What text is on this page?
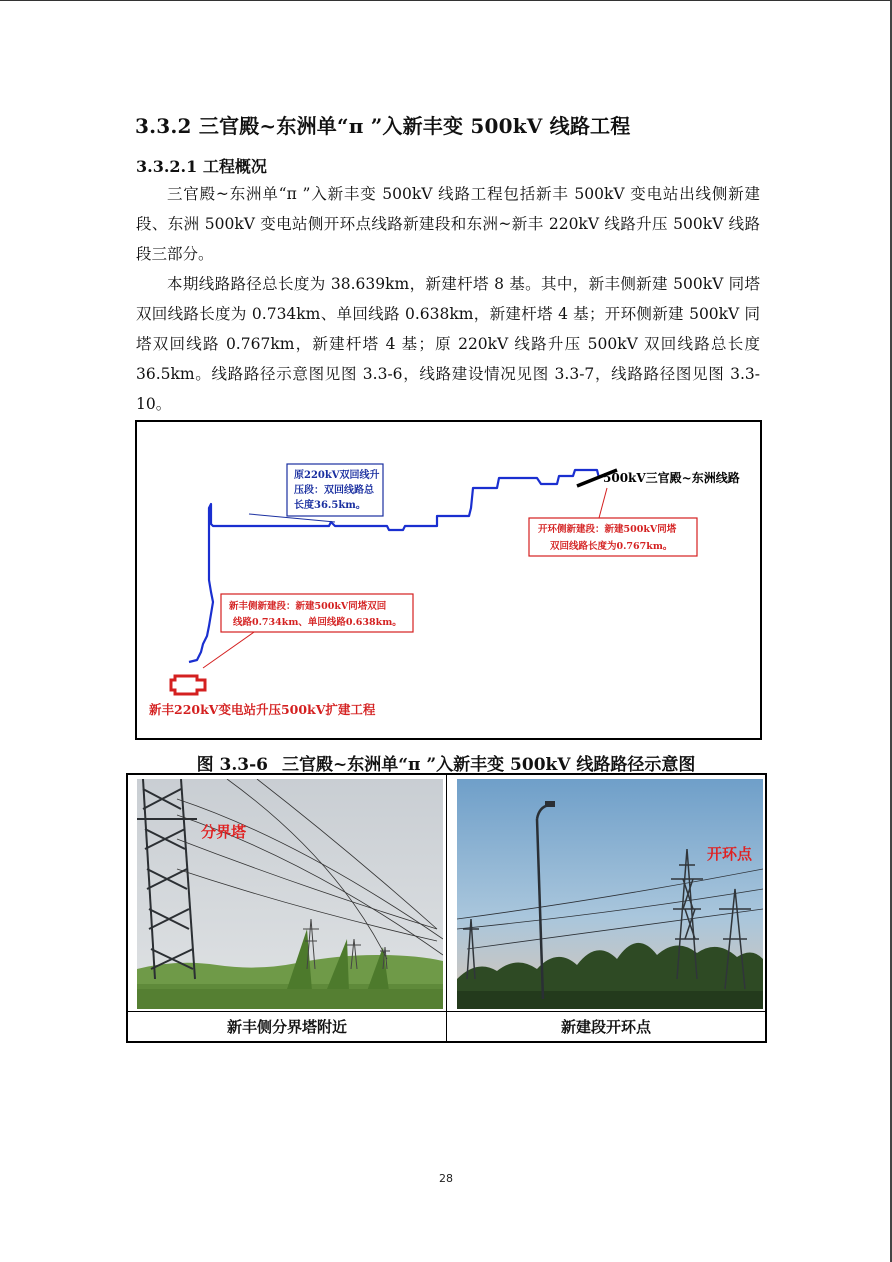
3.3.2 三官殿~东洲单“π ”入新丰变 500kV 线路工程
3.3.2.1 工程概况

三官殿~东洲单“π ”入新丰变 500kV 线路工程包括新丰 500kV 变电站出线侧新建段、东洲 500kV 变电站侧开环点线路新建段和东洲~新丰 220kV 线路升压 500kV 线路段三部分。

本期线路路径总长度为 38.639km，新建杆塔 8 基。其中，新丰侧新建 500kV 同塔双回线路长度为 0.734km、单回线路 0.638km，新建杆塔 4 基；开环侧新建 500kV 同塔双回线路 0.767km，新建杆塔 4 基；原 220kV 线路升压 500kV 双回线路总长度 36.5km。线路路径示意图见图 3.3-6，线路建设情况见图 3.3-7，线路路径图见图 3.3-10。

原220kV双回线升
压段：双回线路总
长度36.5km。
500kV三官殿~东洲线路
开环侧新建段：新建500kV同塔
双回线路长度为0.767km。
新丰侧新建段：新建500kV同塔双回
线路0.734km、单回线路0.638km。
新丰220kV变电站升压500kV扩建工程

图 3.3-6 三官殿~东洲单“π ”入新丰变 500kV 线路路径示意图

分界塔
开环点
新丰侧分界塔附近	新建段开环点
28
